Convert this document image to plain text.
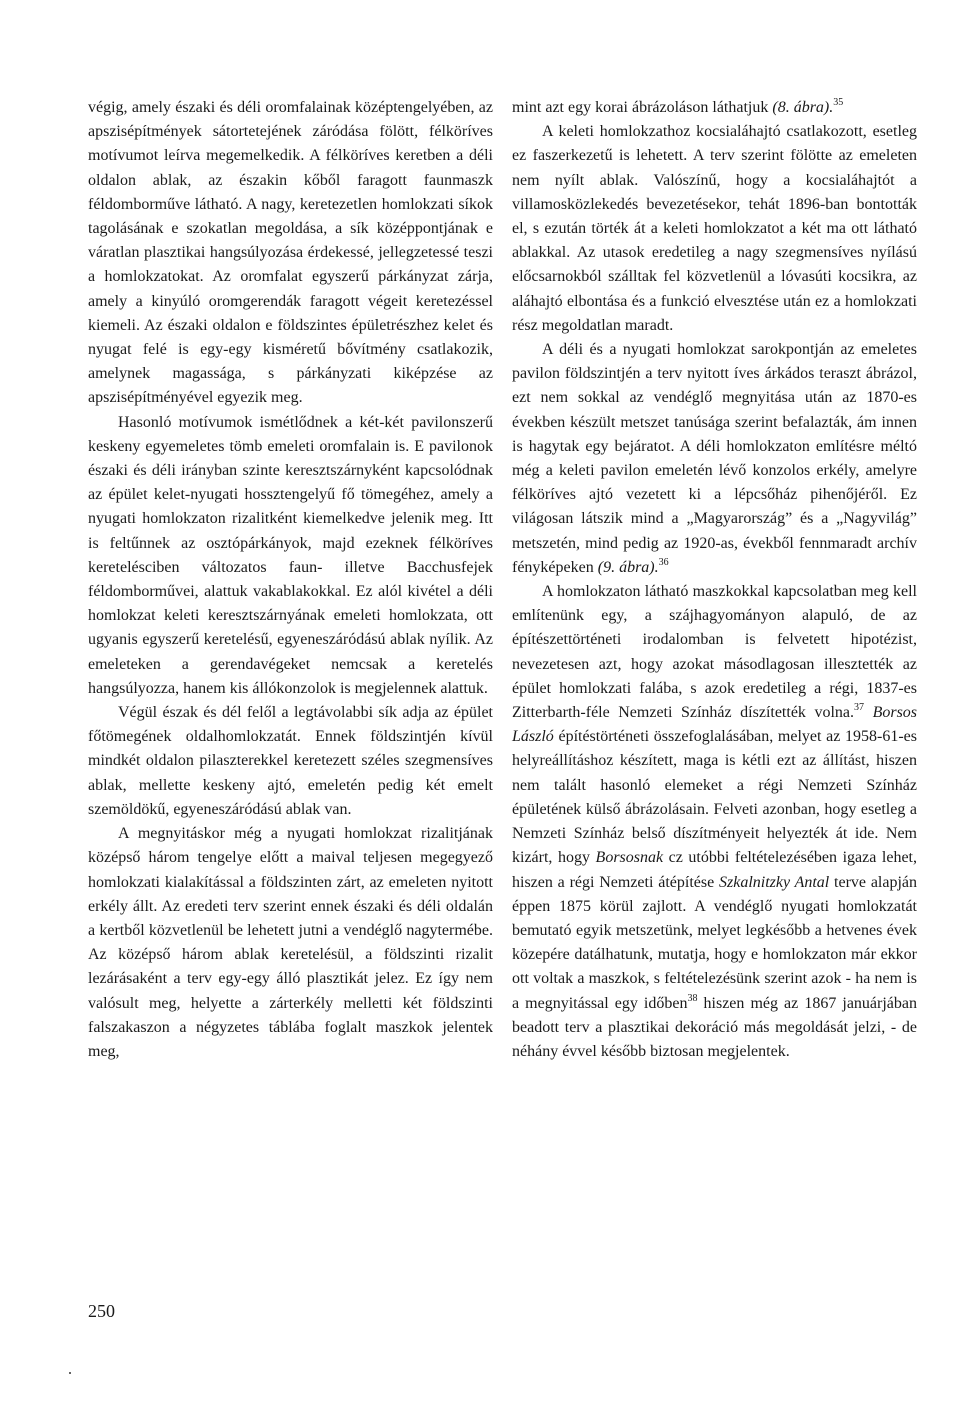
végig, amely északi és déli oromfalainak középtengelyében, az apszisépítmények sátortetejének záródása fölött, félköríves motívumot leírva megemelkedik. A félköríves keretben a déli oldalon ablak, az északin kőből faragott faunmaszk féldomborműve látható. A nagy, keretezetlen homlokzati síkok tagolásának e szokatlan megoldása, a sík középpontjának e váratlan plasztikai hangsúlyozása érdekessé, jellegzetessé teszi a homlokzatokat. Az oromfalat egyszerű párkányzat zárja, amely a kinyúló oromgerendák faragott végeit keretezéssel kiemeli. Az északi oldalon e földszintes épületrészhez kelet és nyugat felé is egy-egy kisméretű bővítmény csatlakozik, amelynek magassága, s párkányzati kiképzése az apszisépítményével egyezik meg.

Hasonló motívumok ismétlődnek a két-két pavilonszerű keskeny egyemeletes tömb emeleti oromfalain is. E pavilonok északi és déli irányban szinte keresztszárnyként kapcsolódnak az épület kelet-nyugati hossztengelyű fő tömegéhez, amely a nyugati homlokzaton rizalitként kiemelkedve jelenik meg. Itt is feltűnnek az osztópárkányok, majd ezeknek félköríves keretelésciben változatos faun- illetve Bacchusfejek féldomborművei, alattuk vakablakokkal. Ez alól kivétel a déli homlokzat keleti keresztszárnyának emeleti homlokzata, ott ugyanis egyszerű keretelésű, egyeneszáródású ablak nyílik. Az emeleteken a gerendavégeket nemcsak a keretelés hangsúlyozza, hanem kis állókonzolok is megjelennek alattuk.

Végül észak és dél felől a legtávolabbi sík adja az épület főtömegének oldalhomlokzatát. Ennek földszintjén kívül mindkét oldalon pilaszterekkel keretezett széles szegmensíves ablak, mellette keskeny ajtó, emeletén pedig két emelt szemöldökű, egyeneszáródású ablak van.

A megnyitáskor még a nyugati homlokzat rizalitjának középső három tengelye előtt a maival teljesen megegyező homlokzati kialakítással a földszinten zárt, az emeleten nyitott erkély állt. Az eredeti terv szerint ennek északi és déli oldalán a kertből közvetlenül be lehetett jutni a vendéglő nagytermébe. Az középső három ablak keretelésül, a földszinti rizalit lezárásaként a terv egy-egy álló plasztikát jelez. Ez így nem valósult meg, helyette a zárterkély melletti két földszinti falszakaszon a négyzetes táblába foglalt maszkok jelentek meg,

mint azt egy korai ábrázoláson láthatjuk (8. ábra).$^{35}$

A keleti homlokzathoz kocsialáhajtó csatlakozott, esetleg ez faszerkezetű is lehetett. A terv szerint fölötte az emeleten nem nyílt ablak. Valószínű, hogy a kocsialáhajtót a villamosközlekedés bevezetésekor, tehát 1896-ban bontották el, s ezután törték át a keleti homlokzatot a két ma ott látható ablakkal. Az utasok eredetileg a nagy szegmensíves nyílású előcsarnokból szálltak fel közvetlenül a lóvasúti kocsikra, az aláhajtó elbontása és a funkció elvesztése után ez a homlokzati rész megoldatlan maradt.

A déli és a nyugati homlokzat sarokpontján az emeletes pavilon földszintjén a terv nyitott íves árkádos teraszt ábrázol, ezt nem sokkal az vendéglő megnyitása után az 1870-es években készült metszet tanúsága szerint befalazták, ám innen is hagytak egy bejáratot. A déli homlokzaton említésre méltó még a keleti pavilon emeletén lévő konzolos erkély, amelyre félköríves ajtó vezetett ki a lépcsőház pihenőjéről. Ez világosan látszik mind a „Magyarország” és a „Nagyvilág” metszetén, mind pedig az 1920-as, évekből fennmaradt archív fényképeken (9. ábra).$^{36}$

A homlokzaton látható maszkokkal kapcsolatban meg kell említenünk egy, a szájhagyományon alapuló, de az építészettörténeti irodalomban is felvetett hipotézist, nevezetesen azt, hogy azokat másodlagosan illesztették az épület homlokzati falába, s azok eredetileg a régi, 1837-es Zitterbarth-féle Nemzeti Színház díszítették volna.$^{37}$ Borsos László építéstörténeti összefoglalásában, melyet az 1958-61-es helyreállításhoz készített, maga is kétli ezt az állítást, hiszen nem talált hasonló elemeket a régi Nemzeti Színház épületének külső ábrázolásain. Felveti azonban, hogy esetleg a Nemzeti Színház belső díszítményeit helyezték át ide. Nem kizárt, hogy Borsosnak cz utóbbi feltételezésében igaza lehet, hiszen a régi Nemzeti átépítése Szkalnitzky Antal terve alapján éppen 1875 körül zajlott. A vendéglő nyugati homlokzatát bemutató egyik metszetünk, melyet legkésőbb a hetvenes évek közepére datálhatunk, mutatja, hogy e homlokzaton már ekkor ott voltak a maszkok, s feltételezésünk szerint azok - ha nem is a megnyitással egy időben$^{38}$ hiszen még az 1867 januárjában beadott terv a plasztikai dekoráció más megoldását jelzi, - de néhány évvel később biztosan megjelentek.

250
